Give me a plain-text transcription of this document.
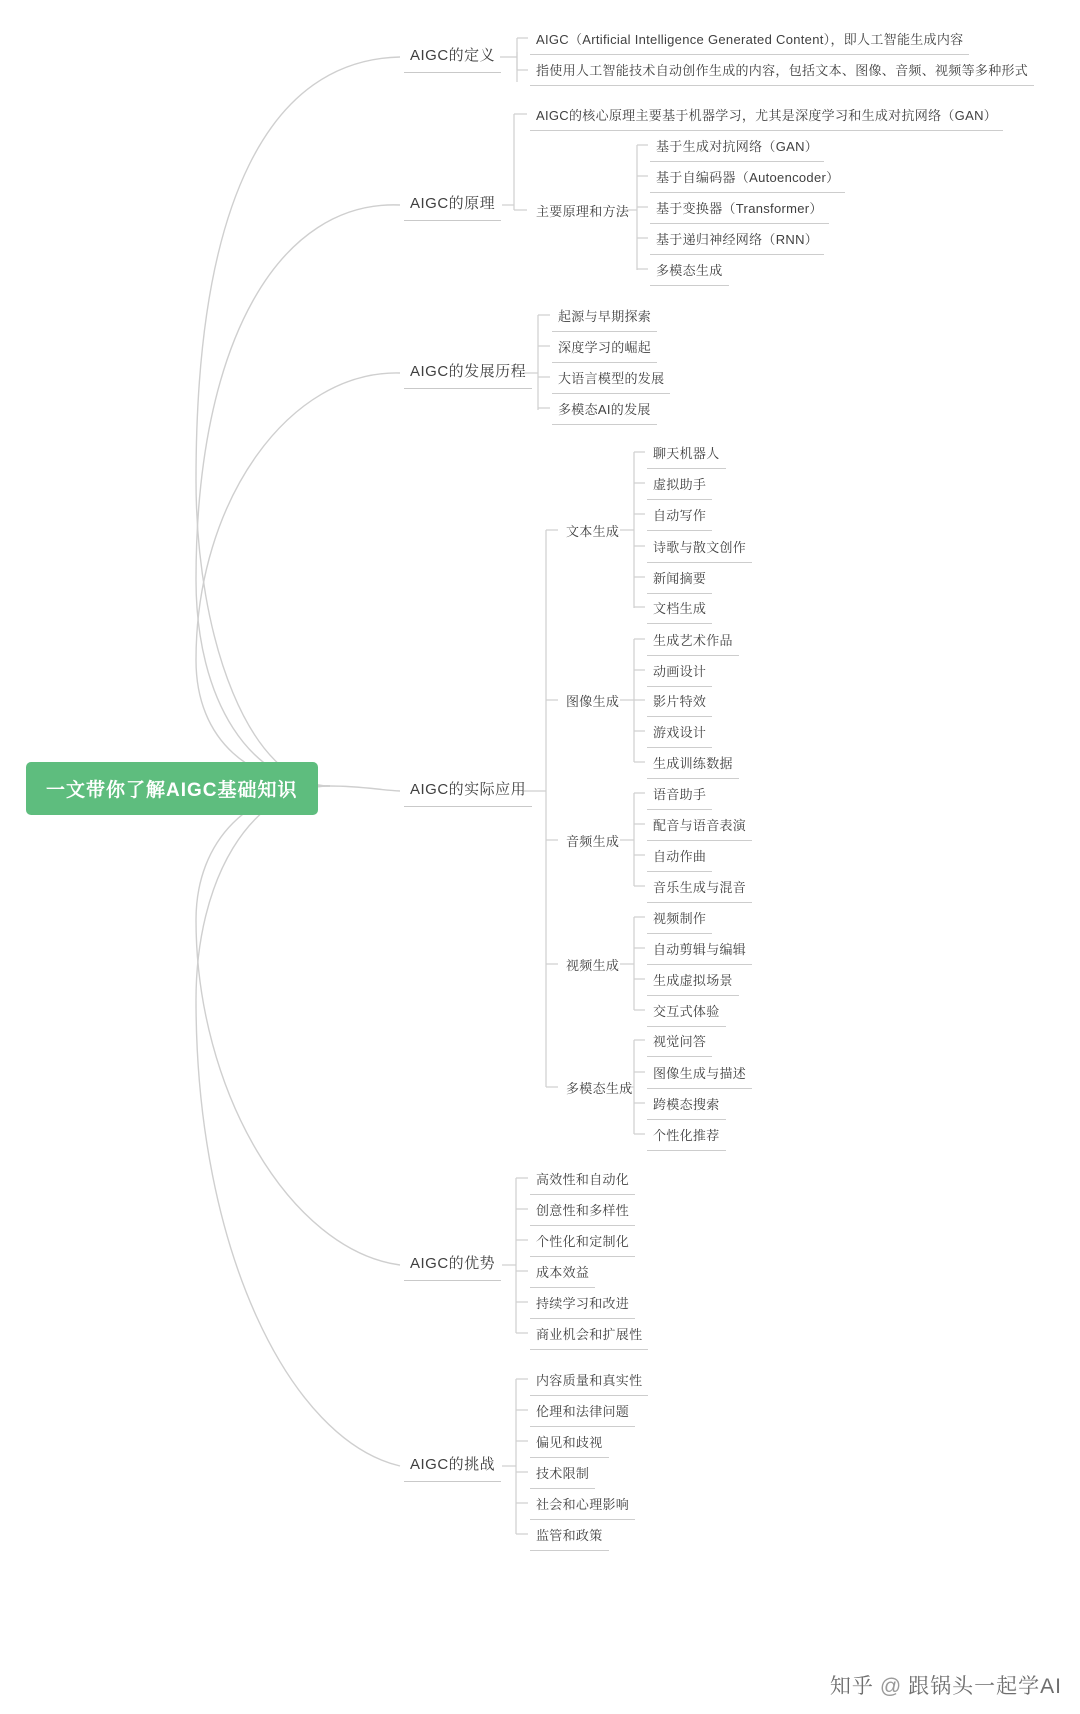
一文带你了解AIGC基础知识
AIGC的定义
AIGC（Artificial Intelligence Generated Content），即人工智能生成内容
指使用人工智能技术自动创作生成的内容，包括文本、图像、音频、视频等多种形式
AIGC的原理
AIGC的核心原理主要基于机器学习，尤其是深度学习和生成对抗网络（GAN）
主要原理和方法
基于生成对抗网络（GAN）
基于自编码器（Autoencoder）
基于变换器（Transformer）
基于递归神经网络（RNN）
多模态生成
AIGC的发展历程
起源与早期探索
深度学习的崛起
大语言模型的发展
多模态AI的发展
AIGC的实际应用
文本生成
聊天机器人
虚拟助手
自动写作
诗歌与散文创作
新闻摘要
文档生成
图像生成
生成艺术作品
动画设计
影片特效
游戏设计
生成训练数据
音频生成
语音助手
配音与语音表演
自动作曲
音乐生成与混音
视频生成
视频制作
自动剪辑与编辑
生成虚拟场景
交互式体验
多模态生成
视觉问答
图像生成与描述
跨模态搜索
个性化推荐
AIGC的优势
高效性和自动化
创意性和多样性
个性化和定制化
成本效益
持续学习和改进
商业机会和扩展性
AIGC的挑战
内容质量和真实性
伦理和法律问题
偏见和歧视
技术限制
社会和心理影响
监管和政策
知乎 @ 跟锅头一起学AI
